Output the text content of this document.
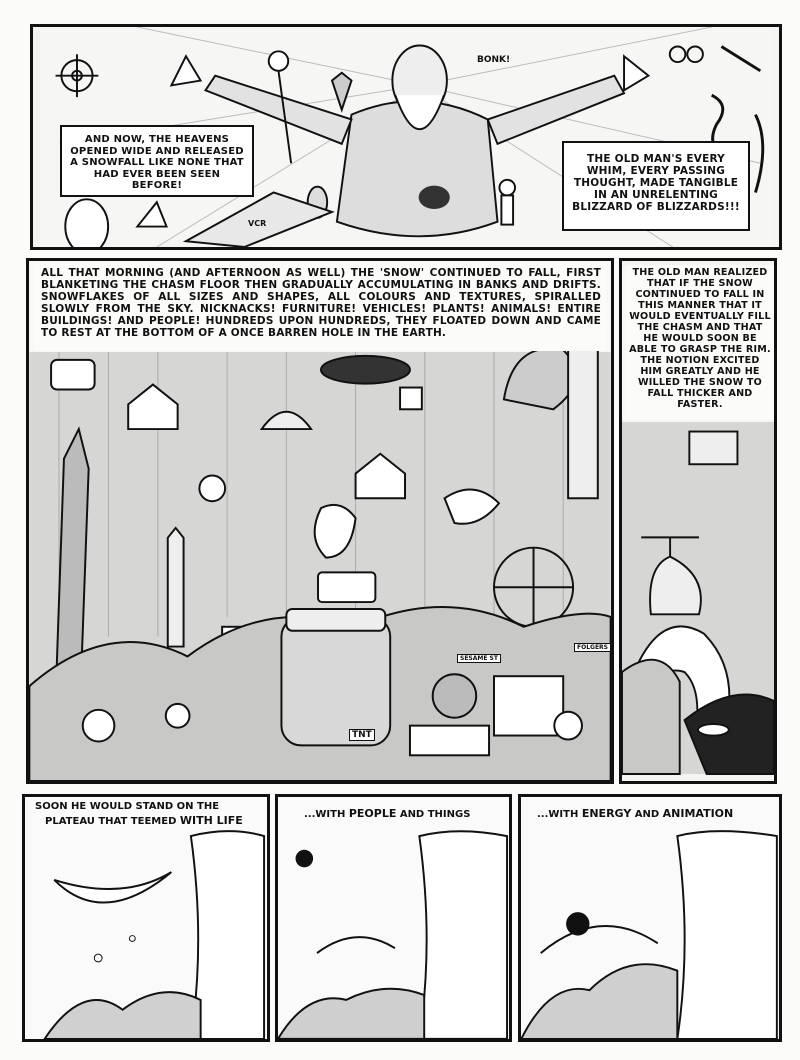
BONK!
AND NOW, THE HEAVENS OPENED WIDE AND RELEASED A SNOWFALL LIKE NONE THAT HAD EVER BEEN SEEN BEFORE!
THE OLD MAN'S EVERY WHIM, EVERY PASSING THOUGHT, MADE TANGIBLE IN AN UNRELENTING BLIZZARD OF BLIZZARDS!!!
VCR
ALL THAT MORNING (AND AFTERNOON AS WELL) THE 'SNOW' CONTINUED TO FALL, FIRST BLANKETING THE CHASM FLOOR THEN GRADUALLY ACCUMULATING IN BANKS AND DRIFTS. SNOWFLAKES OF ALL SIZES AND SHAPES, ALL COLOURS AND TEXTURES, SPIRALLED SLOWLY FROM THE SKY. NICKNACKS! FURNITURE! VEHICLES! PLANTS! ANIMALS! ENTIRE BUILDINGS! AND PEOPLE! HUNDREDS UPON HUNDREDS, THEY FLOATED DOWN AND CAME TO REST AT THE BOTTOM OF A ONCE BARREN HOLE IN THE EARTH.
TNT
SESAME ST
FOLGERS
THE OLD MAN REALIZED THAT IF THE SNOW CONTINUED TO FALL IN THIS MANNER THAT IT WOULD EVENTUALLY FILL THE CHASM AND THAT HE WOULD SOON BE ABLE TO GRASP THE RIM. THE NOTION EXCITED HIM GREATLY AND HE WILLED THE SNOW TO FALL THICKER AND FASTER.
SOON HE WOULD STAND ON THE
PLATEAU THAT TEEMED WITH LIFE	...WITH PEOPLE AND THINGS	...WITH ENERGY AND ANIMATION
